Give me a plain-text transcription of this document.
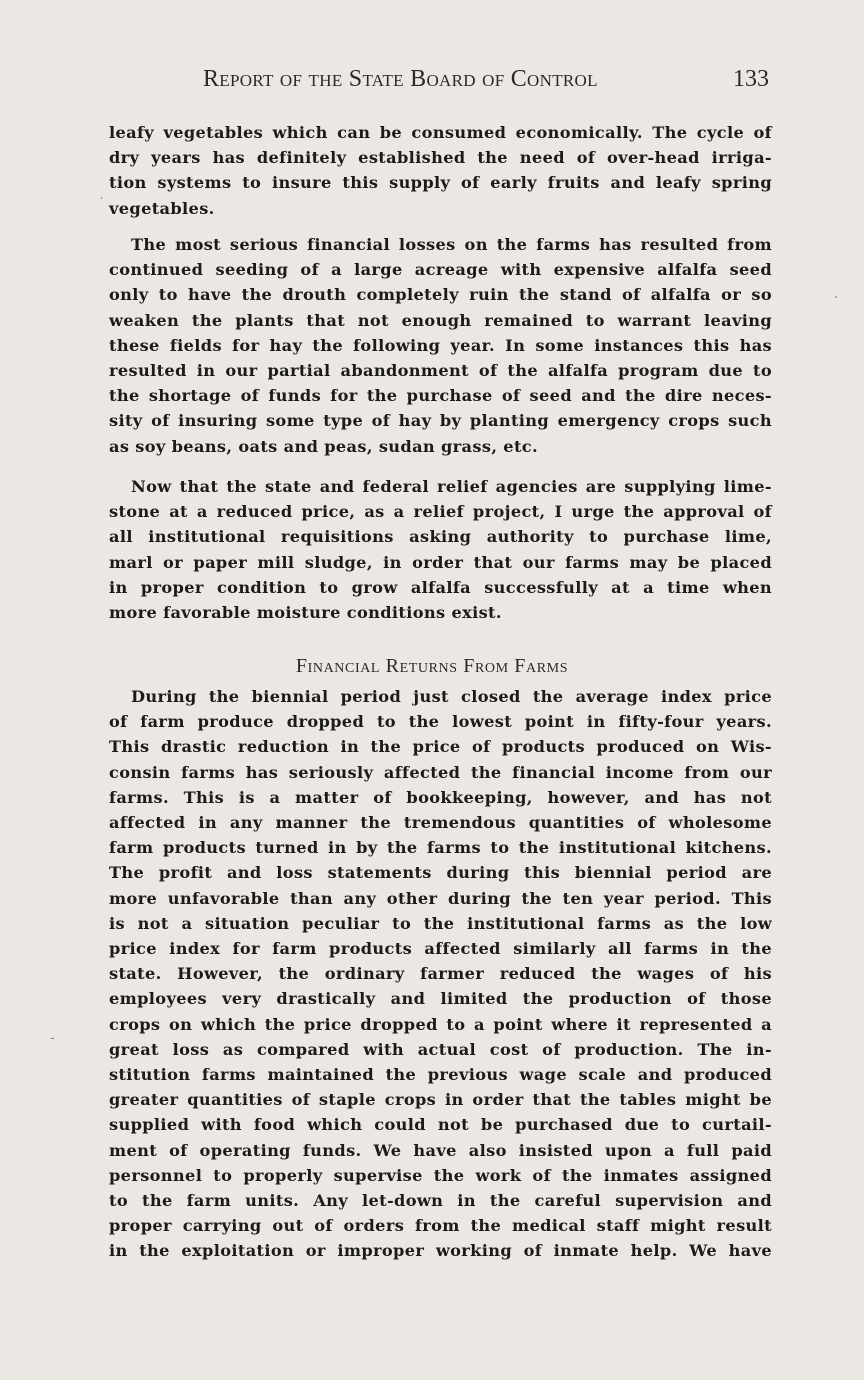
Report of the State Board of Control	133
leafy vegetables which can be consumed economically. The cycle of
dry years has definitely established the need of over-head irriga-
tion systems to insure this supply of early fruits and leafy spring
vegetables.
The most serious financial losses on the farms has resulted from
continued seeding of a large acreage with expensive alfalfa seed
only to have the drouth completely ruin the stand of alfalfa or so
weaken the plants that not enough remained to warrant leaving
these fields for hay the following year. In some instances this has
resulted in our partial abandonment of the alfalfa program due to
the shortage of funds for the purchase of seed and the dire neces-
sity of insuring some type of hay by planting emergency crops such
as soy beans, oats and peas, sudan grass, etc.
Now that the state and federal relief agencies are supplying lime-
stone at a reduced price, as a relief project, I urge the approval of
all institutional requisitions asking authority to purchase lime,
marl or paper mill sludge, in order that our farms may be placed
in proper condition to grow alfalfa successfully at a time when
more favorable moisture conditions exist.
Financial Returns From Farms
During the biennial period just closed the average index price
of farm produce dropped to the lowest point in fifty-four years.
This drastic reduction in the price of products produced on Wis-
consin farms has seriously affected the financial income from our
farms. This is a matter of bookkeeping, however, and has not
affected in any manner the tremendous quantities of wholesome
farm products turned in by the farms to the institutional kitchens.
The profit and loss statements during this biennial period are
more unfavorable than any other during the ten year period. This
is not a situation peculiar to the institutional farms as the low
price index for farm products affected similarly all farms in the
state. However, the ordinary farmer reduced the wages of his
employees very drastically and limited the production of those
crops on which the price dropped to a point where it represented a
great loss as compared with actual cost of production. The in-
stitution farms maintained the previous wage scale and produced
greater quantities of staple crops in order that the tables might be
supplied with food which could not be purchased due to curtail-
ment of operating funds. We have also insisted upon a full paid
personnel to properly supervise the work of the inmates assigned
to the farm units. Any let-down in the careful supervision and
proper carrying out of orders from the medical staff might result
in the exploitation or improper working of inmate help. We have
˙
·
‐
